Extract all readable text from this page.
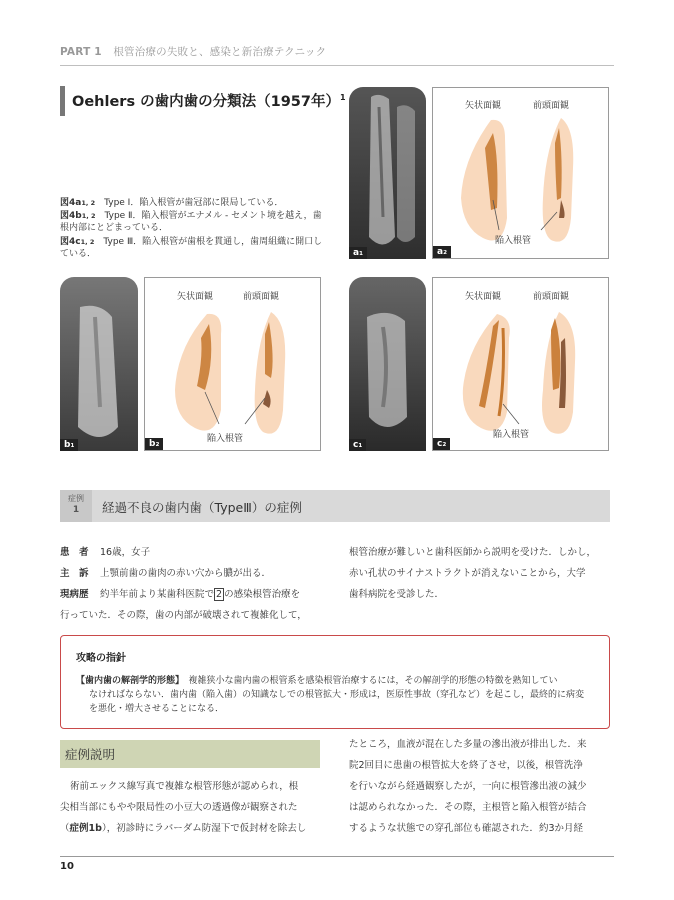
PART 1 根管治療の失敗と、感染と新治療テクニック
Oehlers の歯内歯の分類法（1957年）$^1$
図4a1, 2　 Type Ⅰ．陥入根管が歯冠部に限局している．
図4b1, 2　 Type Ⅱ．陥入根管がエナメル - セメント境を越え，歯根内部にとどまっている．
図4c1, 2　 Type Ⅲ．陥入根管が歯根を貫通し，歯周組織に開口している．	a₁
矢状面観	前頭面観
陥入根管
a₂
b₁
矢状面観	前頭面観
陥入根管
b₂	c₁
矢状面観	前頭面観
陥入根管
c₂
症例
1	経過不良の歯内歯（TypeⅢ）の症例
患　者 16歳，女子
主　訴 上顎前歯の歯肉の赤い穴から膿が出る．
現病歴 約半年前より某歯科医院で 2 の感染根管治療を
行っていた．その際，歯の内部が破壊されて複雑化して，
根管治療が難しいと歯科医師から説明を受けた．しかし，
赤い孔状のサイナストラクトが消えないことから，大学
歯科病院を受診した．
攻略の指針
【歯内歯の解剖学的形態】　 複雑狭小な歯内歯の根管系を感染根管治療するには，その解剖学的形態の特徴を熟知してい
なければならない．歯内歯（陥入歯）の知識なしでの根管拡大・形成は，医原性事故（穿孔など）を起こし，最終的に病変
を悪化・増大させることになる．
症例説明
術前エックス線写真で複雑な根管形態が認められ，根
尖相当部にもやや限局性の小豆大の透過像が観察された
（症例1b），初診時にラバーダム防湿下で仮封材を除去し
たところ，血液が混在した多量の滲出液が排出した．来
院2回目に患歯の根管拡大を終了させ，以後，根管洗浄
を行いながら経過観察したが，一向に根管滲出液の減少
は認められなかった．その際，主根管と陥入根管が結合
するような状態での穿孔部位も確認された．約3か月経
10
